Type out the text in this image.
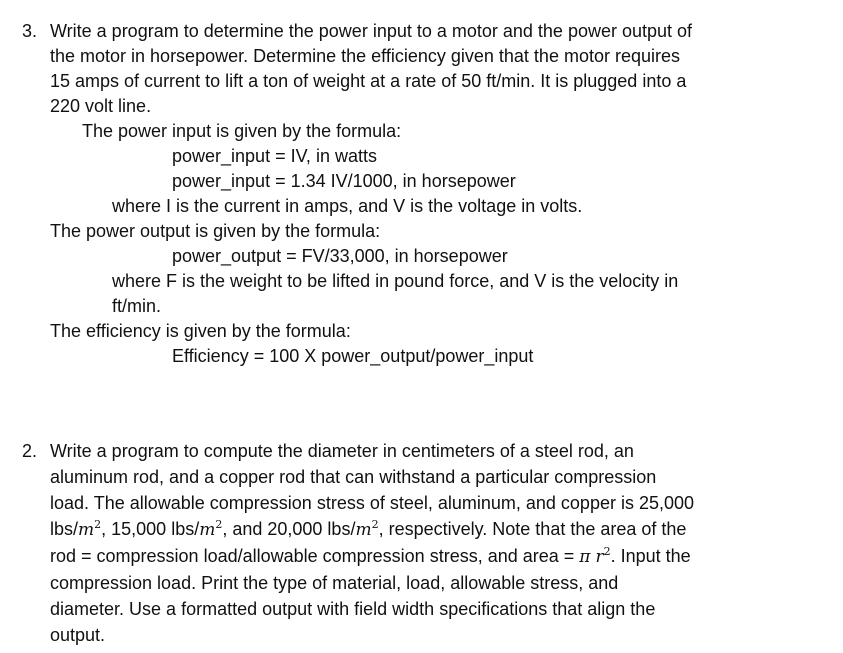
3. Write a program to determine the power input to a motor and the power output of
the motor in horsepower. Determine the efficiency given that the motor requires
15 amps of current to lift a ton of weight at a rate of 50 ft/min. It is plugged into a
220 volt line.
The power input is given by the formula:
power_input = IV, in watts
power_input = 1.34 IV/1000, in horsepower
where I is the current in amps, and V is the voltage in volts.
The power output is given by the formula:
power_output = FV/33,000, in horsepower
where F is the weight to be lifted in pound force, and V is the velocity in
ft/min.
The efficiency is given by the formula:
Efficiency = 100 X power_output/power_input
2. Write a program to compute the diameter in centimeters of a steel rod, an
aluminum rod, and a copper rod that can withstand a particular compression
load. The allowable compression stress of steel, aluminum, and copper is 25,000
lbs/$m^2$, 15,000 lbs/$m^2$, and 20,000 lbs/$m^2$, respectively. Note that the area of the
rod = compression load/allowable compression stress, and area = π $r^2$. Input the
compression load. Print the type of material, load, allowable stress, and
diameter. Use a formatted output with field width specifications that align the
output.
